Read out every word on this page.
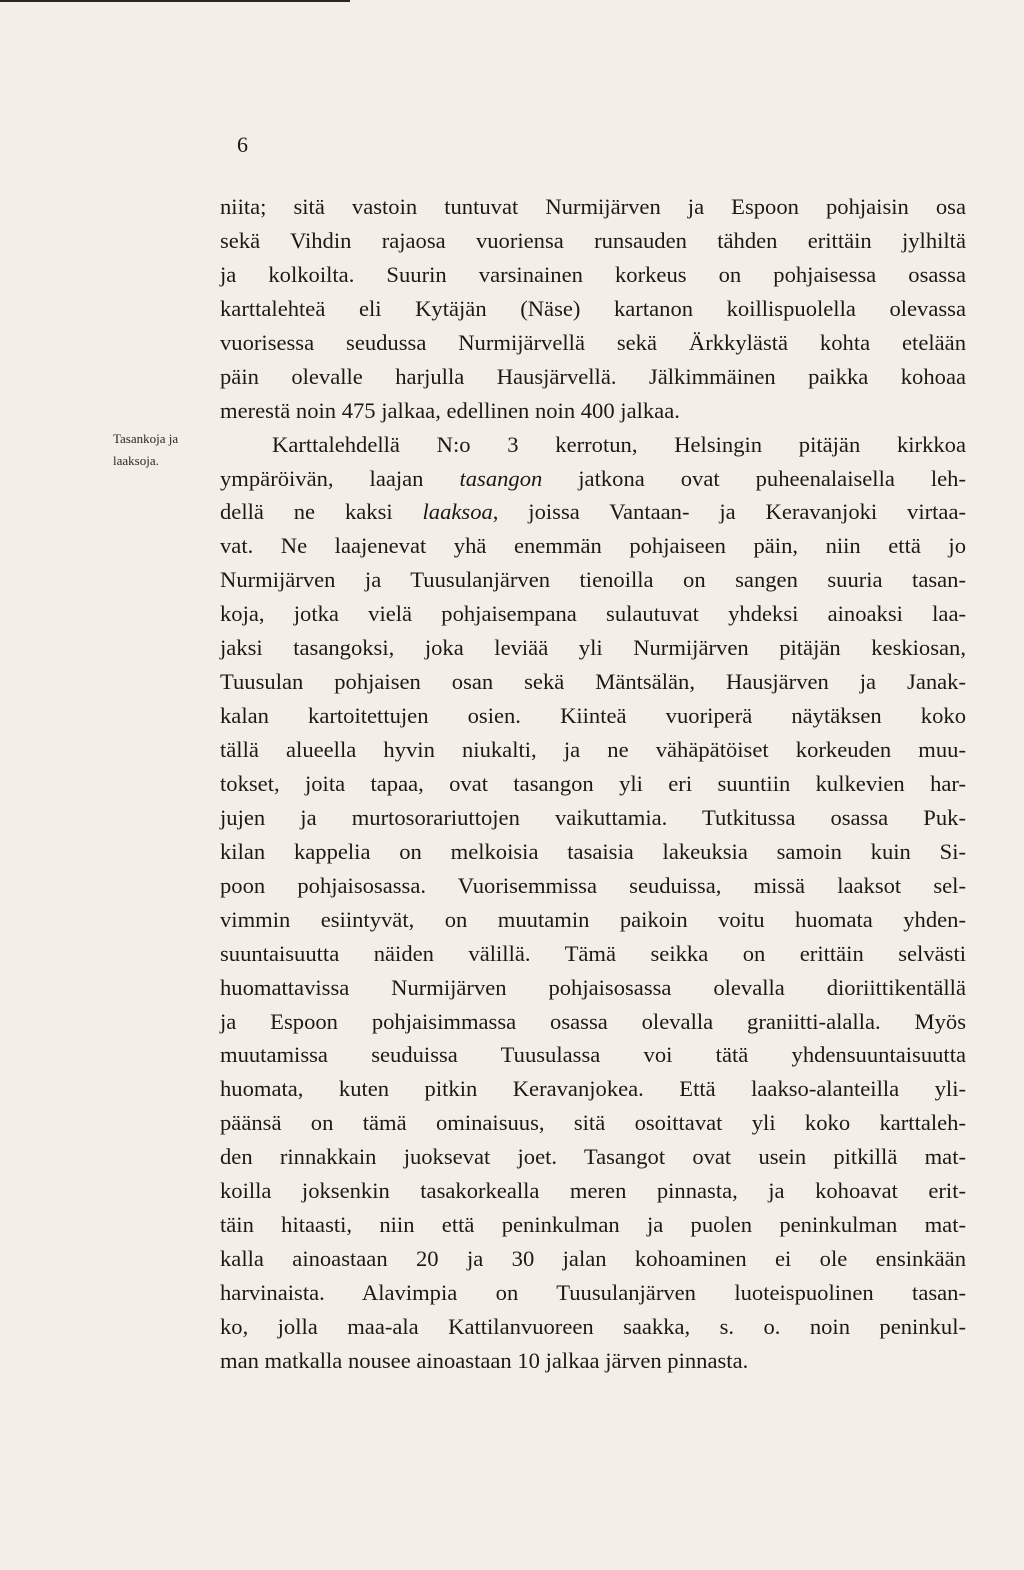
6
Tasankoja ja
laaksoja.
niita; sitä vastoin tuntuvat Nurmijärven ja Espoon pohjaisin osa
sekä Vihdin rajaosa vuoriensa runsauden tähden erittäin jylhiltä
ja kolkoilta. Suurin varsinainen korkeus on pohjaisessa osassa
karttalehteä eli Kytäjän (Näse) kartanon koillispuolella olevassa
vuorisessa seudussa Nurmijärvellä sekä Ärkkylästä kohta etelään
päin olevalle harjulla Hausjärvellä. Jälkimmäinen paikka kohoaa
merestä noin 475 jalkaa, edellinen noin 400 jalkaa.
Karttalehdellä N:o 3 kerrotun, Helsingin pitäjän kirkkoa
ympäröivän, laajan tasangon jatkona ovat puheenalaisella leh-
dellä ne kaksi laaksoa, joissa Vantaan- ja Keravanjoki virtaa-
vat. Ne laajenevat yhä enemmän pohjaiseen päin, niin että jo
Nurmijärven ja Tuusulanjärven tienoilla on sangen suuria tasan-
koja, jotka vielä pohjaisempana sulautuvat yhdeksi ainoaksi laa-
jaksi tasangoksi, joka leviää yli Nurmijärven pitäjän keskiosan,
Tuusulan pohjaisen osan sekä Mäntsälän, Hausjärven ja Janak-
kalan kartoitettujen osien. Kiinteä vuoriperä näytäksen koko
tällä alueella hyvin niukalti, ja ne vähäpätöiset korkeuden muu-
tokset, joita tapaa, ovat tasangon yli eri suuntiin kulkevien har-
jujen ja murtosorariuttojen vaikuttamia. Tutkitussa osassa Puk-
kilan kappelia on melkoisia tasaisia lakeuksia samoin kuin Si-
poon pohjaisosassa. Vuorisemmissa seuduissa, missä laaksot sel-
vimmin esiintyvät, on muutamin paikoin voitu huomata yhden-
suuntaisuutta näiden välillä. Tämä seikka on erittäin selvästi
huomattavissa Nurmijärven pohjaisosassa olevalla dioriittikentällä
ja Espoon pohjaisimmassa osassa olevalla graniitti-alalla. Myös
muutamissa seuduissa Tuusulassa voi tätä yhdensuuntaisuutta
huomata, kuten pitkin Keravanjokea. Että laakso-alanteilla yli-
päänsä on tämä ominaisuus, sitä osoittavat yli koko karttaleh-
den rinnakkain juoksevat joet. Tasangot ovat usein pitkillä mat-
koilla joksenkin tasakorkealla meren pinnasta, ja kohoavat erit-
täin hitaasti, niin että peninkulman ja puolen peninkulman mat-
kalla ainoastaan 20 ja 30 jalan kohoaminen ei ole ensinkään
harvinaista. Alavimpia on Tuusulanjärven luoteispuolinen tasan-
ko, jolla maa-ala Kattilanvuoreen saakka, s. o. noin peninkul-
man matkalla nousee ainoastaan 10 jalkaa järven pinnasta.
